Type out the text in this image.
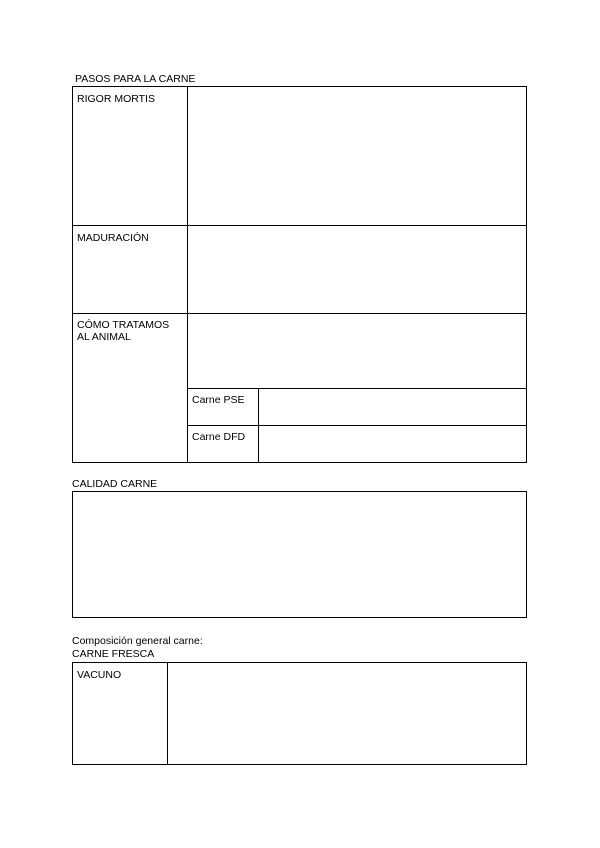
PASOS PARA LA CARNE
RIGOR MORTIS
MADURACIÓN
CÓMO TRATAMOS
AL ANIMAL
Carne PSE
Carne DFD
CALIDAD CARNE
Composición general carne:
CARNE FRESCA
VACUNO
